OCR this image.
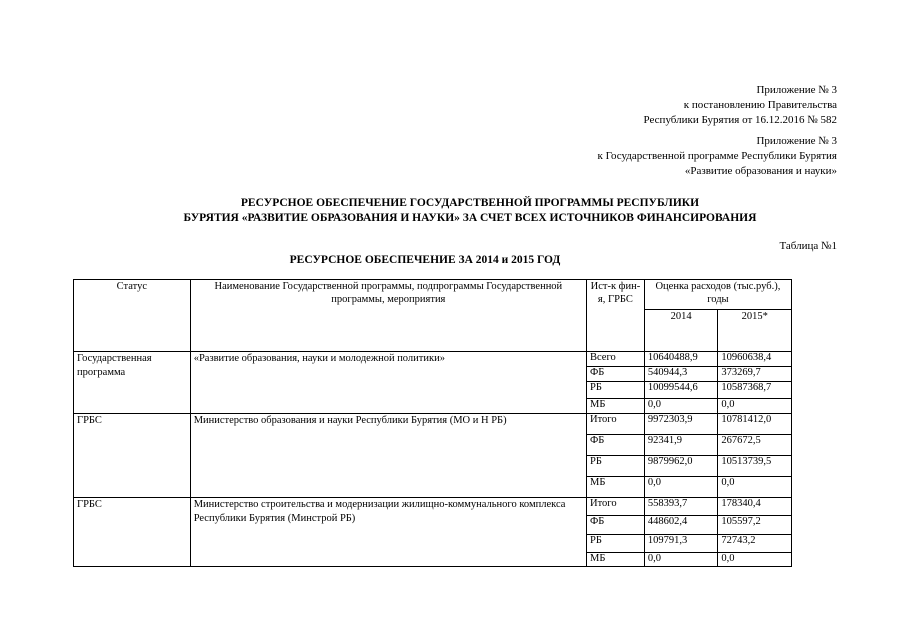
Приложение № 3
к постановлению Правительства
Республики Бурятия от 16.12.2016 № 582
Приложение № 3
к Государственной программе Республики Бурятия
«Развитие образования и науки»
РЕСУРСНОЕ ОБЕСПЕЧЕНИЕ ГОСУДАРСТВЕННОЙ ПРОГРАММЫ РЕСПУБЛИКИ
БУРЯТИЯ «РАЗВИТИЕ ОБРАЗОВАНИЯ И НАУКИ» ЗА СЧЕТ ВСЕХ ИСТОЧНИКОВ ФИНАНСИРОВАНИЯ
Таблица №1
РЕСУРСНОЕ ОБЕСПЕЧЕНИЕ ЗА 2014 и 2015 ГОД
Статус	Наименование Государственной программы, подпрограммы Государственной программы, мероприятия	Ист-к фин-я, ГРБС	Оценка расходов (тыс.руб.), годы	
			2014	2015*
Государственная программа	«Развитие образования, науки и молодежной политики»	Всего	10640488,9	10960638,4
		ФБ	540944,3	373269,7
		РБ	10099544,6	10587368,7
		МБ	0,0	0,0
ГРБС	Министерство образования и науки Республики Бурятия (МО и Н РБ)	Итого	9972303,9	10781412,0
		ФБ	92341,9	267672,5
		РБ	9879962,0	10513739,5
		МБ	0,0	0,0
ГРБС	Министерство строительства и модернизации жилищно-коммунального комплекса Республики Бурятия (Минстрой РБ)	Итого	558393,7	178340,4
		ФБ	448602,4	105597,2
		РБ	109791,3	72743,2
		МБ	0,0	0,0
